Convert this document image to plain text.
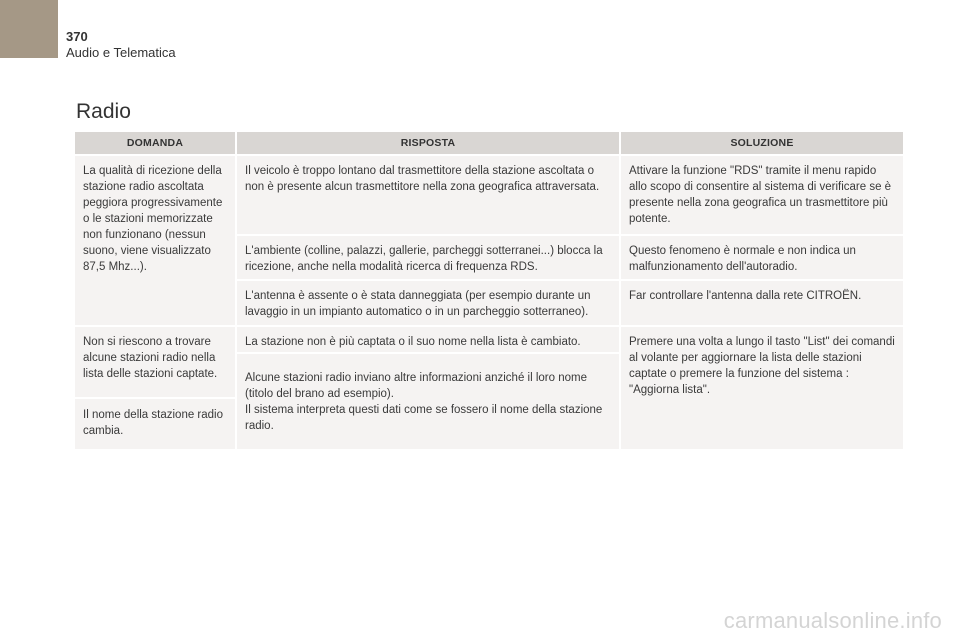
370
Audio e Telematica
Radio
DOMANDA	RISPOSTA	SOLUZIONE
La qualità di ricezione della stazione radio ascoltata peggiora progressivamente o le stazioni memorizzate non funzionano (nessun suono, viene visualizzato 87,5 Mhz...).
Il veicolo è troppo lontano dal trasmettitore della stazione ascoltata o non è presente alcun trasmettitore nella zona geografica attraversata.
Attivare la funzione "RDS" tramite il menu rapido allo scopo di consentire al sistema di verificare se è presente nella zona geografica un trasmettitore più potente.
L'ambiente (colline, palazzi, gallerie, parcheggi sotterranei...) blocca la ricezione, anche nella modalità ricerca di frequenza RDS.
Questo fenomeno è normale e non indica un malfunzionamento dell'autoradio.
L'antenna è assente o è stata danneggiata (per esempio durante un lavaggio in un impianto automatico o in un parcheggio sotterraneo).
Far controllare l'antenna dalla rete CITROËN.
Non si riescono a trovare alcune stazioni radio nella lista delle stazioni captate.
Il nome della stazione radio cambia.
La stazione non è più captata o il suo nome nella lista è cambiato.
Alcune stazioni radio inviano altre informazioni anziché il loro nome (titolo del brano ad esempio).
Il sistema interpreta questi dati come se fossero il nome della stazione radio.
Premere una volta a lungo il tasto "List" dei comandi al volante per aggiornare la lista delle stazioni captate o premere la funzione del sistema : "Aggiorna lista".
carmanualsonline.info
